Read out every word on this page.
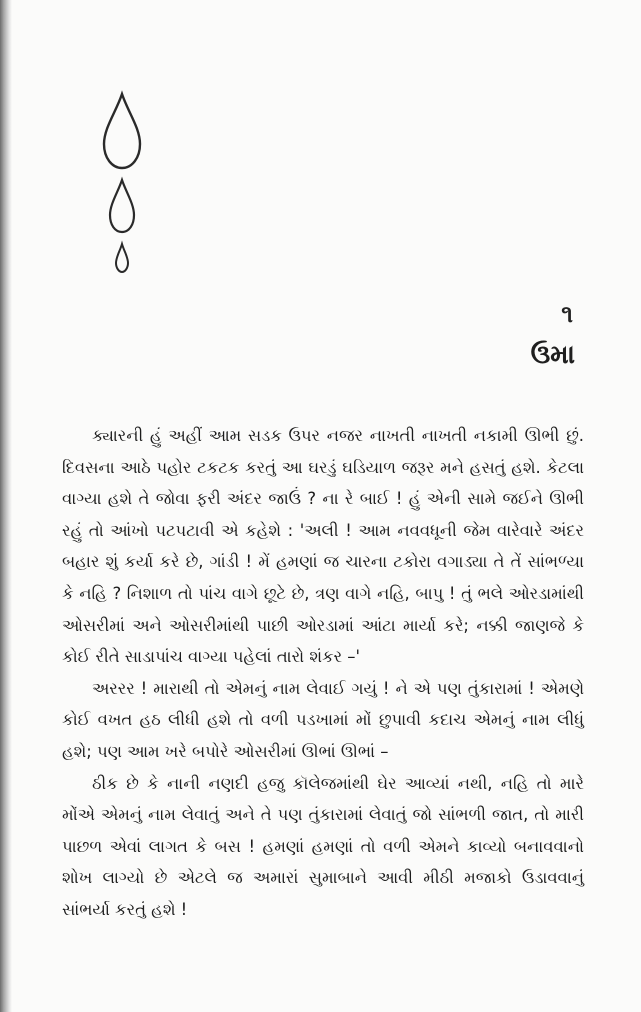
૧
ઉમા

ક્યારની હું અહીં આમ સડક ઉપર નજર નાખતી નાખતી નકામી ઊભી છું. દિવસના આઠે પહોર ટકટક કરતું આ ઘરડું ઘડિયાળ જરૂર મને હસતું હશે. કેટલા વાગ્યા હશે તે જોવા ફરી અંદર જાઉં ? ના રે બાઈ ! હું એની સામે જઈને ઊભી રહું તો આંખો પટપટાવી એ કહેશે : 'અલી ! આમ નવવધૂની જેમ વારેવારે અંદર બહાર શું કર્યા કરે છે, ગાંડી ! મેં હમણાં જ ચારના ટકોરા વગાડ્યા તે તેં સાંભળ્યા કે નહિ ? નિશાળ તો પાંચ વાગે છૂટે છે, ત્રણ વાગે નહિ, બાપુ ! તું ભલે ઓરડામાંથી ઓસરીમાં અને ઓસરીમાંથી પાછી ઓરડામાં આંટા માર્યા કરે; નક્કી જાણજે કે કોઈ રીતે સાડાપાંચ વાગ્યા પહેલાં તારો શંકર –'

અરરર ! મારાથી તો એમનું નામ લેવાઈ ગયું ! ને એ પણ તુંકારામાં ! એમણે કોઈ વખત હઠ લીધી હશે તો વળી પડખામાં મોં છુપાવી કદાચ એમનું નામ લીધું હશે; પણ આમ ખરે બપોરે ઓસરીમાં ઊભાં ઊભાં –

ઠીક છે કે નાની નણદી હજુ કૉલેજમાંથી ઘેર આવ્યાં નથી, નહિ તો મારે મોંએ એમનું નામ લેવાતું અને તે પણ તુંકારામાં લેવાતું જો સાંભળી જાત, તો મારી પાછળ એવાં લાગત કે બસ ! હમણાં હમણાં તો વળી એમને કાવ્યો બનાવવાનો શોખ લાગ્યો છે એટલે જ અમારાં સુમાબાને આવી મીઠી મજાકો ઉડાવવાનું સાંભર્યા કરતું હશે !
